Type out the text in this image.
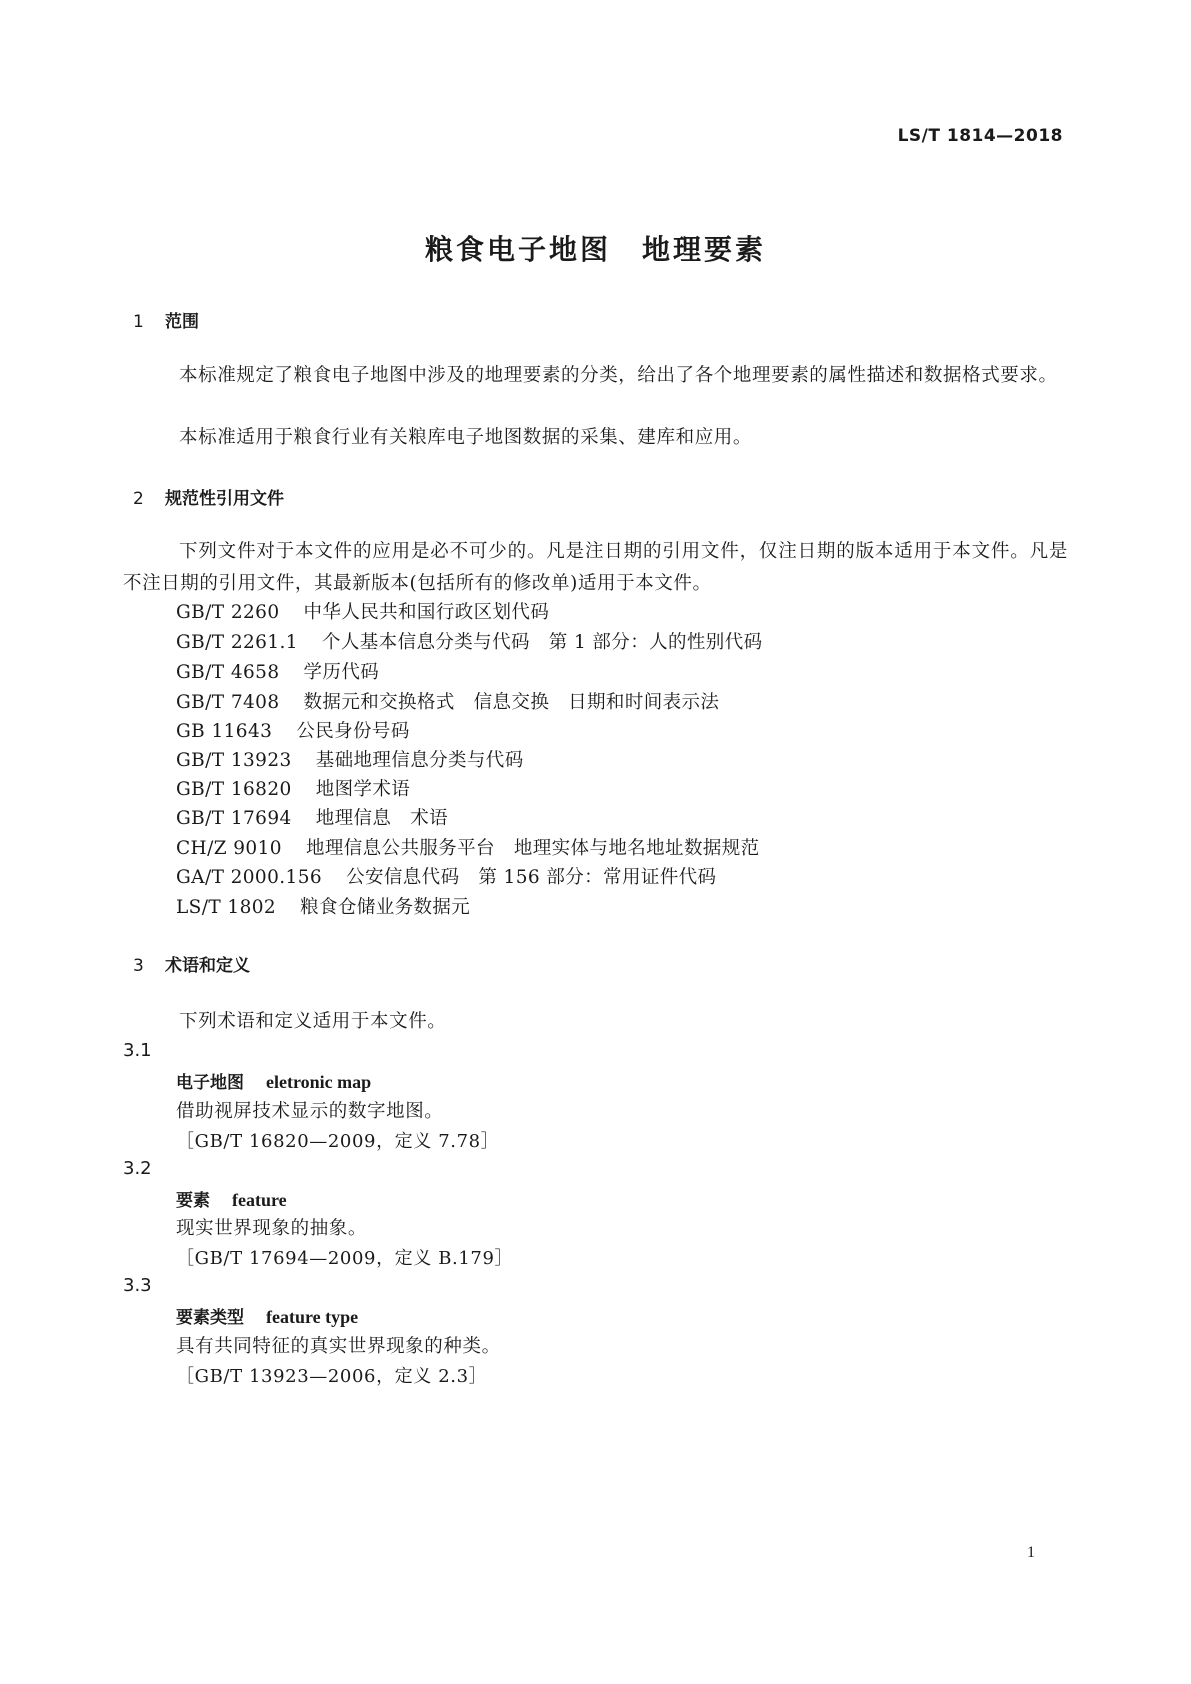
LS/T 1814—2018
粮食电子地图　地理要素
1 范围
本标准规定了粮食电子地图中涉及的地理要素的分类，给出了各个地理要素的属性描述和数据格式要求。
本标准适用于粮食行业有关粮库电子地图数据的采集、建库和应用。
2 规范性引用文件
下列文件对于本文件的应用是必不可少的。凡是注日期的引用文件，仅注日期的版本适用于本文件。凡是不注日期的引用文件，其最新版本(包括所有的修改单)适用于本文件。
GB/T 2260 中华人民共和国行政区划代码
GB/T 2261.1 个人基本信息分类与代码　第 1 部分：人的性别代码
GB/T 4658 学历代码
GB/T 7408 数据元和交换格式　信息交换　日期和时间表示法
GB 11643 公民身份号码
GB/T 13923 基础地理信息分类与代码
GB/T 16820 地图学术语
GB/T 17694 地理信息　术语
CH/Z 9010 地理信息公共服务平台　地理实体与地名地址数据规范
GA/T 2000.156 公安信息代码　第 156 部分：常用证件代码
LS/T 1802 粮食仓储业务数据元
3 术语和定义
下列术语和定义适用于本文件。
3.1
电子地图 eletronic map
借助视屏技术显示的数字地图。
［GB/T 16820—2009，定义 7.78］
3.2
要素 feature
现实世界现象的抽象。
［GB/T 17694—2009，定义 B.179］
3.3
要素类型 feature type
具有共同特征的真实世界现象的种类。
［GB/T 13923—2006，定义 2.3］
1
